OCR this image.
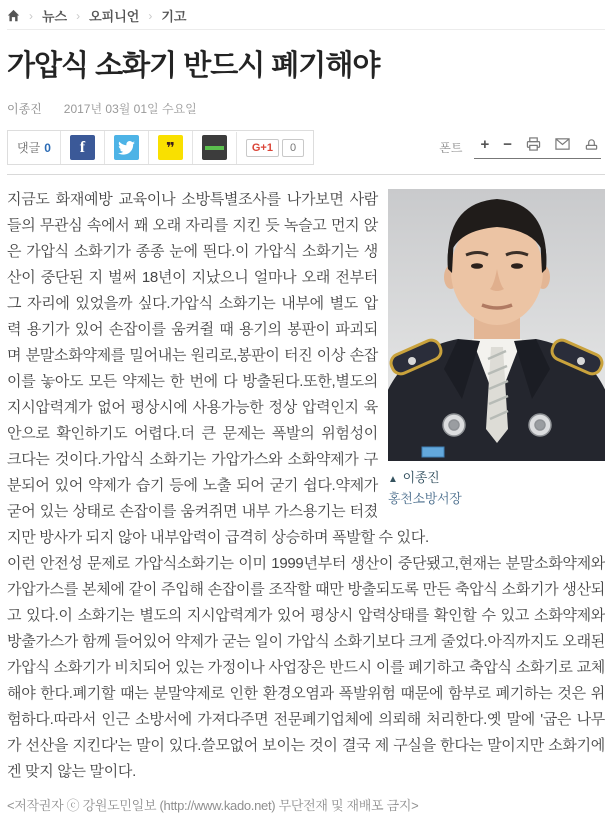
› 뉴스 › 오피니언 › 기고
가압식 소화기 반드시 폐기해야
이종진 2017년 03월 01일 수요일
댓글 0	f	❞	G+1	0	폰트 + −
▲ 이종진
홍천소방서장

지금도 화재예방 교육이나 소방특별조사를 나가보면 사람들의 무관심 속에서 꽤 오래 자리를 지킨 듯 녹슬고 먼지 앉은 가압식 소화기가 종종 눈에 띈다.이 가압식 소화기는 생산이 중단된 지 벌써 18년이 지났으니 얼마나 오래 전부터 그 자리에 있었을까 싶다.가압식 소화기는 내부에 별도 압력 용기가 있어 손잡이를 움켜쥘 때 용기의 봉판이 파괴되며 분말소화약제를 밀어내는 원리로,봉판이 터진 이상 손잡이를 놓아도 모든 약제는 한 번에 다 방출된다.또한,별도의 지시압력계가 없어 평상시에 사용가능한 정상 압력인지 육안으로 확인하기도 어렵다.더 큰 문제는 폭발의 위험성이 크다는 것이다.가압식 소화기는 가압가스와 소화약제가 구분되어 있어 약제가 습기 등에 노출 되어 굳기 쉽다.약제가 굳어 있는 상태로 손잡이를 움켜쥐면 내부 가스용기는 터졌지만 방사가 되지 않아 내부압력이 급격히 상승하며 폭발할 수 있다.

이런 안전성 문제로 가압식소화기는 이미 1999년부터 생산이 중단됐고,현재는 분말소화약제와 가압가스를 본체에 같이 주입해 손잡이를 조작할 때만 방출되도록 만든 축압식 소화기가 생산되고 있다.이 소화기는 별도의 지시압력계가 있어 평상시 압력상태를 확인할 수 있고 소화약제와 방출가스가 함께 들어있어 약제가 굳는 일이 가압식 소화기보다 크게 줄었다.아직까지도 오래된 가압식 소화기가 비치되어 있는 가정이나 사업장은 반드시 이를 폐기하고 축압식 소화기로 교체해야 한다.폐기할 때는 분말약제로 인한 환경오염과 폭발위험 때문에 함부로 폐기하는 것은 위험하다.따라서 인근 소방서에 가져다주면 전문폐기업체에 의뢰해 처리한다.옛 말에 '굽은 나무가 선산을 지킨다'는 말이 있다.쓸모없어 보이는 것이 결국 제 구실을 한다는 말이지만 소화기에겐 맞지 않는 말이다.

<저작권자 ⓒ 강원도민일보 (http://www.kado.net) 무단전재 및 재배포 금지>
